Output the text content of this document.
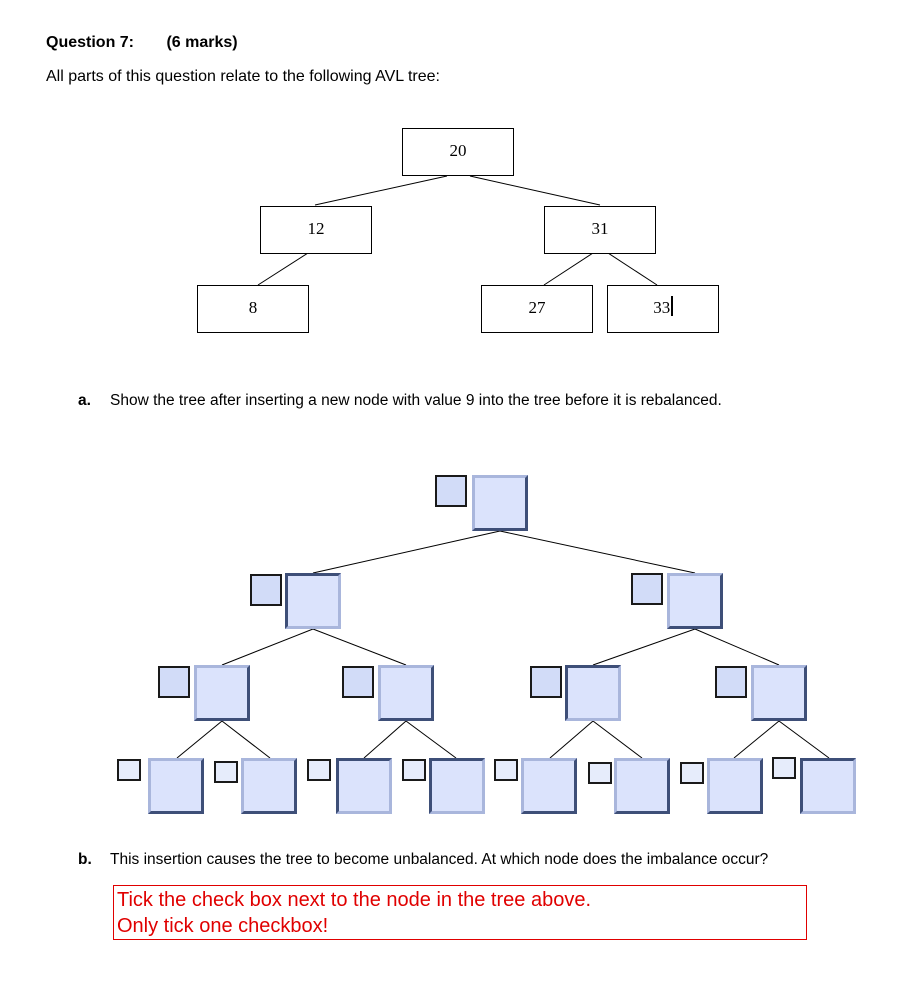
Question 7: (6 marks)
All parts of this question relate to the following AVL tree:
20
12	31
8	27	33
a. Show the tree after inserting a new node with value 9 into the tree before it is rebalanced.
b. This insertion causes the tree to become unbalanced. At which node does the imbalance occur?
Tick the check box next to the node in the tree above.
Only tick one checkbox!
